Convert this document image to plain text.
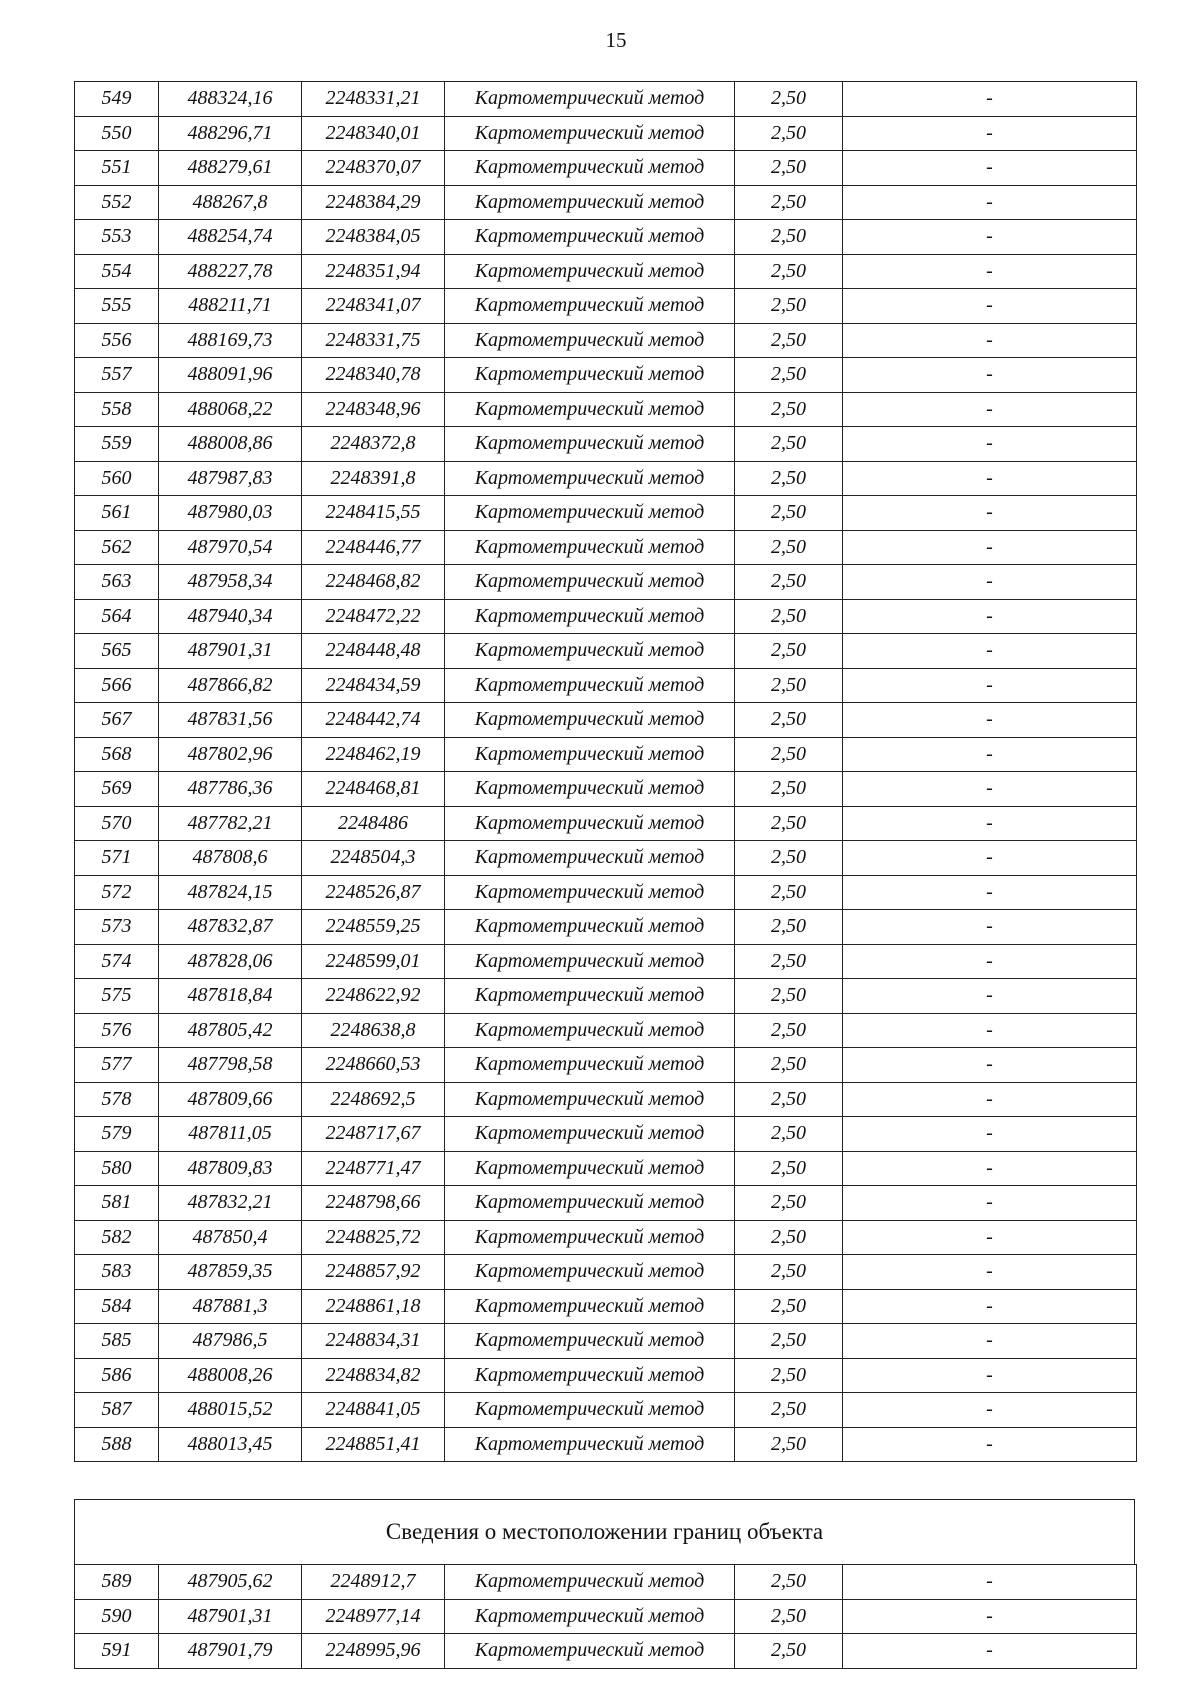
15
549	488324,16	2248331,21	Картометрический метод	2,50	-
550	488296,71	2248340,01	Картометрический метод	2,50	-
551	488279,61	2248370,07	Картометрический метод	2,50	-
552	488267,8	2248384,29	Картометрический метод	2,50	-
553	488254,74	2248384,05	Картометрический метод	2,50	-
554	488227,78	2248351,94	Картометрический метод	2,50	-
555	488211,71	2248341,07	Картометрический метод	2,50	-
556	488169,73	2248331,75	Картометрический метод	2,50	-
557	488091,96	2248340,78	Картометрический метод	2,50	-
558	488068,22	2248348,96	Картометрический метод	2,50	-
559	488008,86	2248372,8	Картометрический метод	2,50	-
560	487987,83	2248391,8	Картометрический метод	2,50	-
561	487980,03	2248415,55	Картометрический метод	2,50	-
562	487970,54	2248446,77	Картометрический метод	2,50	-
563	487958,34	2248468,82	Картометрический метод	2,50	-
564	487940,34	2248472,22	Картометрический метод	2,50	-
565	487901,31	2248448,48	Картометрический метод	2,50	-
566	487866,82	2248434,59	Картометрический метод	2,50	-
567	487831,56	2248442,74	Картометрический метод	2,50	-
568	487802,96	2248462,19	Картометрический метод	2,50	-
569	487786,36	2248468,81	Картометрический метод	2,50	-
570	487782,21	2248486	Картометрический метод	2,50	-
571	487808,6	2248504,3	Картометрический метод	2,50	-
572	487824,15	2248526,87	Картометрический метод	2,50	-
573	487832,87	2248559,25	Картометрический метод	2,50	-
574	487828,06	2248599,01	Картометрический метод	2,50	-
575	487818,84	2248622,92	Картометрический метод	2,50	-
576	487805,42	2248638,8	Картометрический метод	2,50	-
577	487798,58	2248660,53	Картометрический метод	2,50	-
578	487809,66	2248692,5	Картометрический метод	2,50	-
579	487811,05	2248717,67	Картометрический метод	2,50	-
580	487809,83	2248771,47	Картометрический метод	2,50	-
581	487832,21	2248798,66	Картометрический метод	2,50	-
582	487850,4	2248825,72	Картометрический метод	2,50	-
583	487859,35	2248857,92	Картометрический метод	2,50	-
584	487881,3	2248861,18	Картометрический метод	2,50	-
585	487986,5	2248834,31	Картометрический метод	2,50	-
586	488008,26	2248834,82	Картометрический метод	2,50	-
587	488015,52	2248841,05	Картометрический метод	2,50	-
588	488013,45	2248851,41	Картометрический метод	2,50	-
Сведения о местоположении границ объекта
589	487905,62	2248912,7	Картометрический метод	2,50	-
590	487901,31	2248977,14	Картометрический метод	2,50	-
591	487901,79	2248995,96	Картометрический метод	2,50	-
